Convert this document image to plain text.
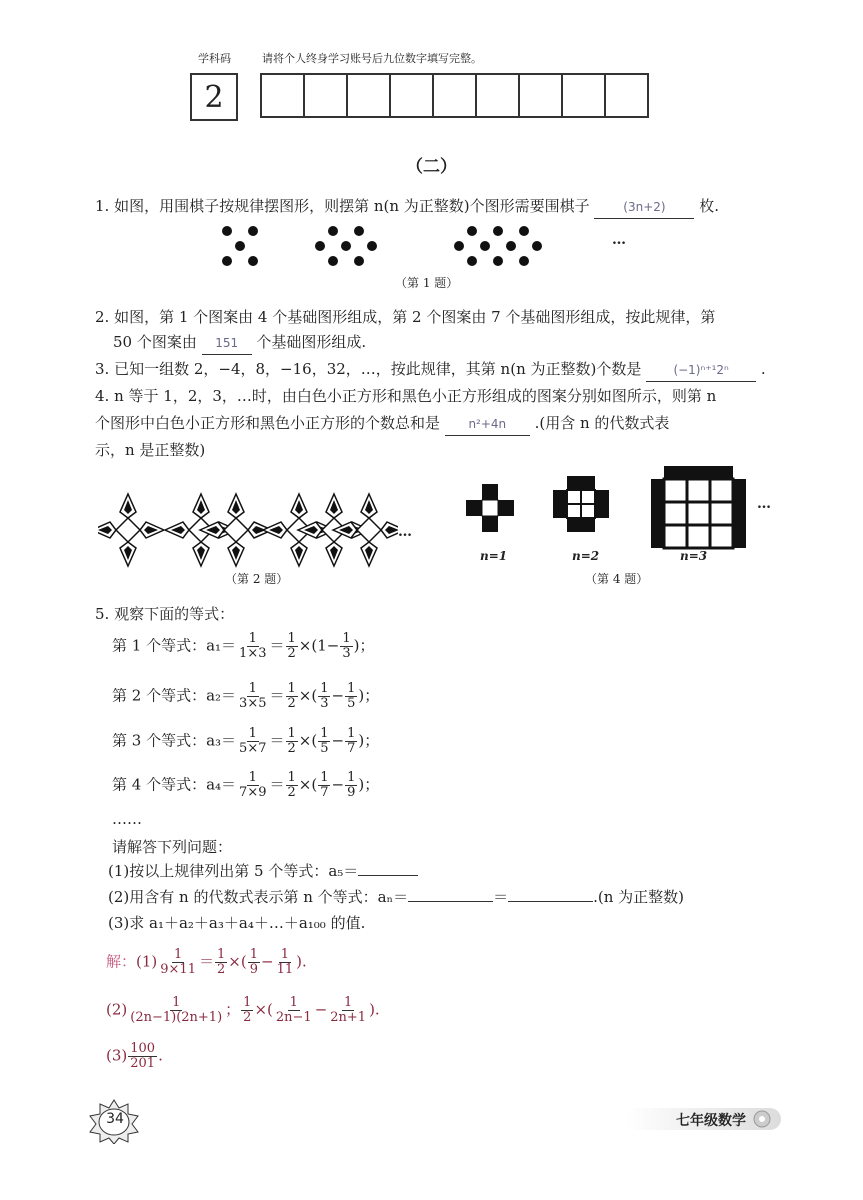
学科码	请将个人终身学习账号后九位数字填写完整。
2
（二）
1. 如图，用围棋子按规律摆图形，则摆第 n(n 为正整数)个图形需要围棋子	(3n+2) 枚.
…
（第 1 题）
2. 如图，第 1 个图案由 4 个基础图形组成，第 2 个图案由 7 个基础图形组成，按此规律，第
50 个图案由 151 个基础图形组成.
3. 已知一组数 2，−4，8，−16，32，…，按此规律，其第 n(n 为正整数)个数是	(−1)ⁿ⁺¹2ⁿ .
4. n 等于 1，2，3，…时，由白色小正方形和黑色小正方形组成的图案分别如图所示，则第 n
个图形中白色小正方形和黑色小正方形的个数总和是 n²+4n .(用含 n 的代数式表
示，n 是正整数)
…
（第 2 题）
n=1	n=2	n=3
…
（第 4 题）
5. 观察下面的等式：
第 1 个等式：$a_1= \frac{1}{1\times 3} = \frac{1}{2} \times(1- \frac{1}{3}$ )；
第 2 个等式：$a_2= \frac{1}{3\times 5} = \frac{1}{2}$ ×( $\frac{1}{3} - \frac{1}{5}$ )；
第 3 个等式：$a_3= \frac{1}{5\times 7} = \frac{1}{2}$ ×( $\frac{1}{5} - \frac{1}{7}$ )；
第 4 个等式：$a_4= \frac{1}{7\times 9} = \frac{1}{2}$ ×( $\frac{1}{7} - \frac{1}{9}$ )；
……
请解答下列问题：
(1)按以上规律列出第 5 个等式：a₅＝
(2)用含有 n 的代数式表示第 n 个等式：aₙ＝	＝	.(n 为正整数)
(3)求 a₁＋a₂＋a₃＋a₄＋…＋a₁₀₀ 的值.
解：$(1) \frac{1}{9\times 11} = \frac{1}{2}$ ×( $\frac{1}{9} - \frac{1}{11}$ ).
$(2) \frac{1}{(2n-1)(2n+1)}$ ； $\frac{1}{2}$ ×( $\frac{1}{2n-1} - \frac{1}{2n+1}$ ).
$(3) \frac{100}{201}$ .
34	七年级数学
